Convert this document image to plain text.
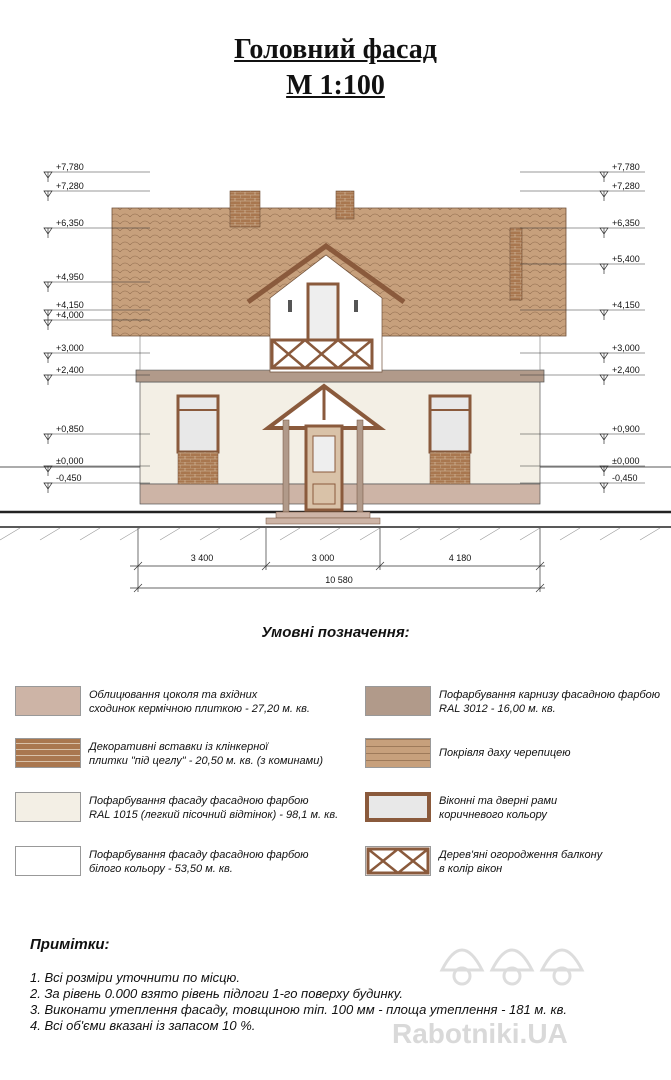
Головний фасад
М 1:100
+7,780
+7,280
+6,350
+4,950
+4,150
+4,000
+3,000
+2,400
+0,850
±0,000
-0,450
+7,780
+7,280
+6,350
+5,400
+4,150
+3,000
+2,400
+0,900
±0,000
-0,450
3 400	3 000	4 180
10 580
Умовні позначення:
Облицювання цоколя та вхідних
сходинок кермічною плиткою - 27,20 м. кв.
Пофарбування карнизу фасадною фарбою
RAL 3012 - 16,00 м. кв.
Декоративні вставки із клінкерної
плитки "під цеглу" - 20,50 м. кв. (з коминами)
Покрівля даху черепицею
Пофарбування фасаду фасадною фарбою
RAL 1015 (легкий пісочний відтінок) - 98,1 м. кв.
Віконні та дверні рами
коричневого кольору
Пофарбування фасаду фасадною фарбою
білого кольору - 53,50 м. кв.
Дерев'яні огородження балкону
в колір вікон
Примітки:
1. Всі розміри уточнити по місцю.
2. За рівень 0.000 взято рівень підлоги 1-го поверху будинку.
3. Виконати утеплення фасаду, товщиною тіп. 100 мм - площа утеплення - 181 м. кв.
4. Всі об'єми вказані із запасом 10 %.	Rabotniki.UA
